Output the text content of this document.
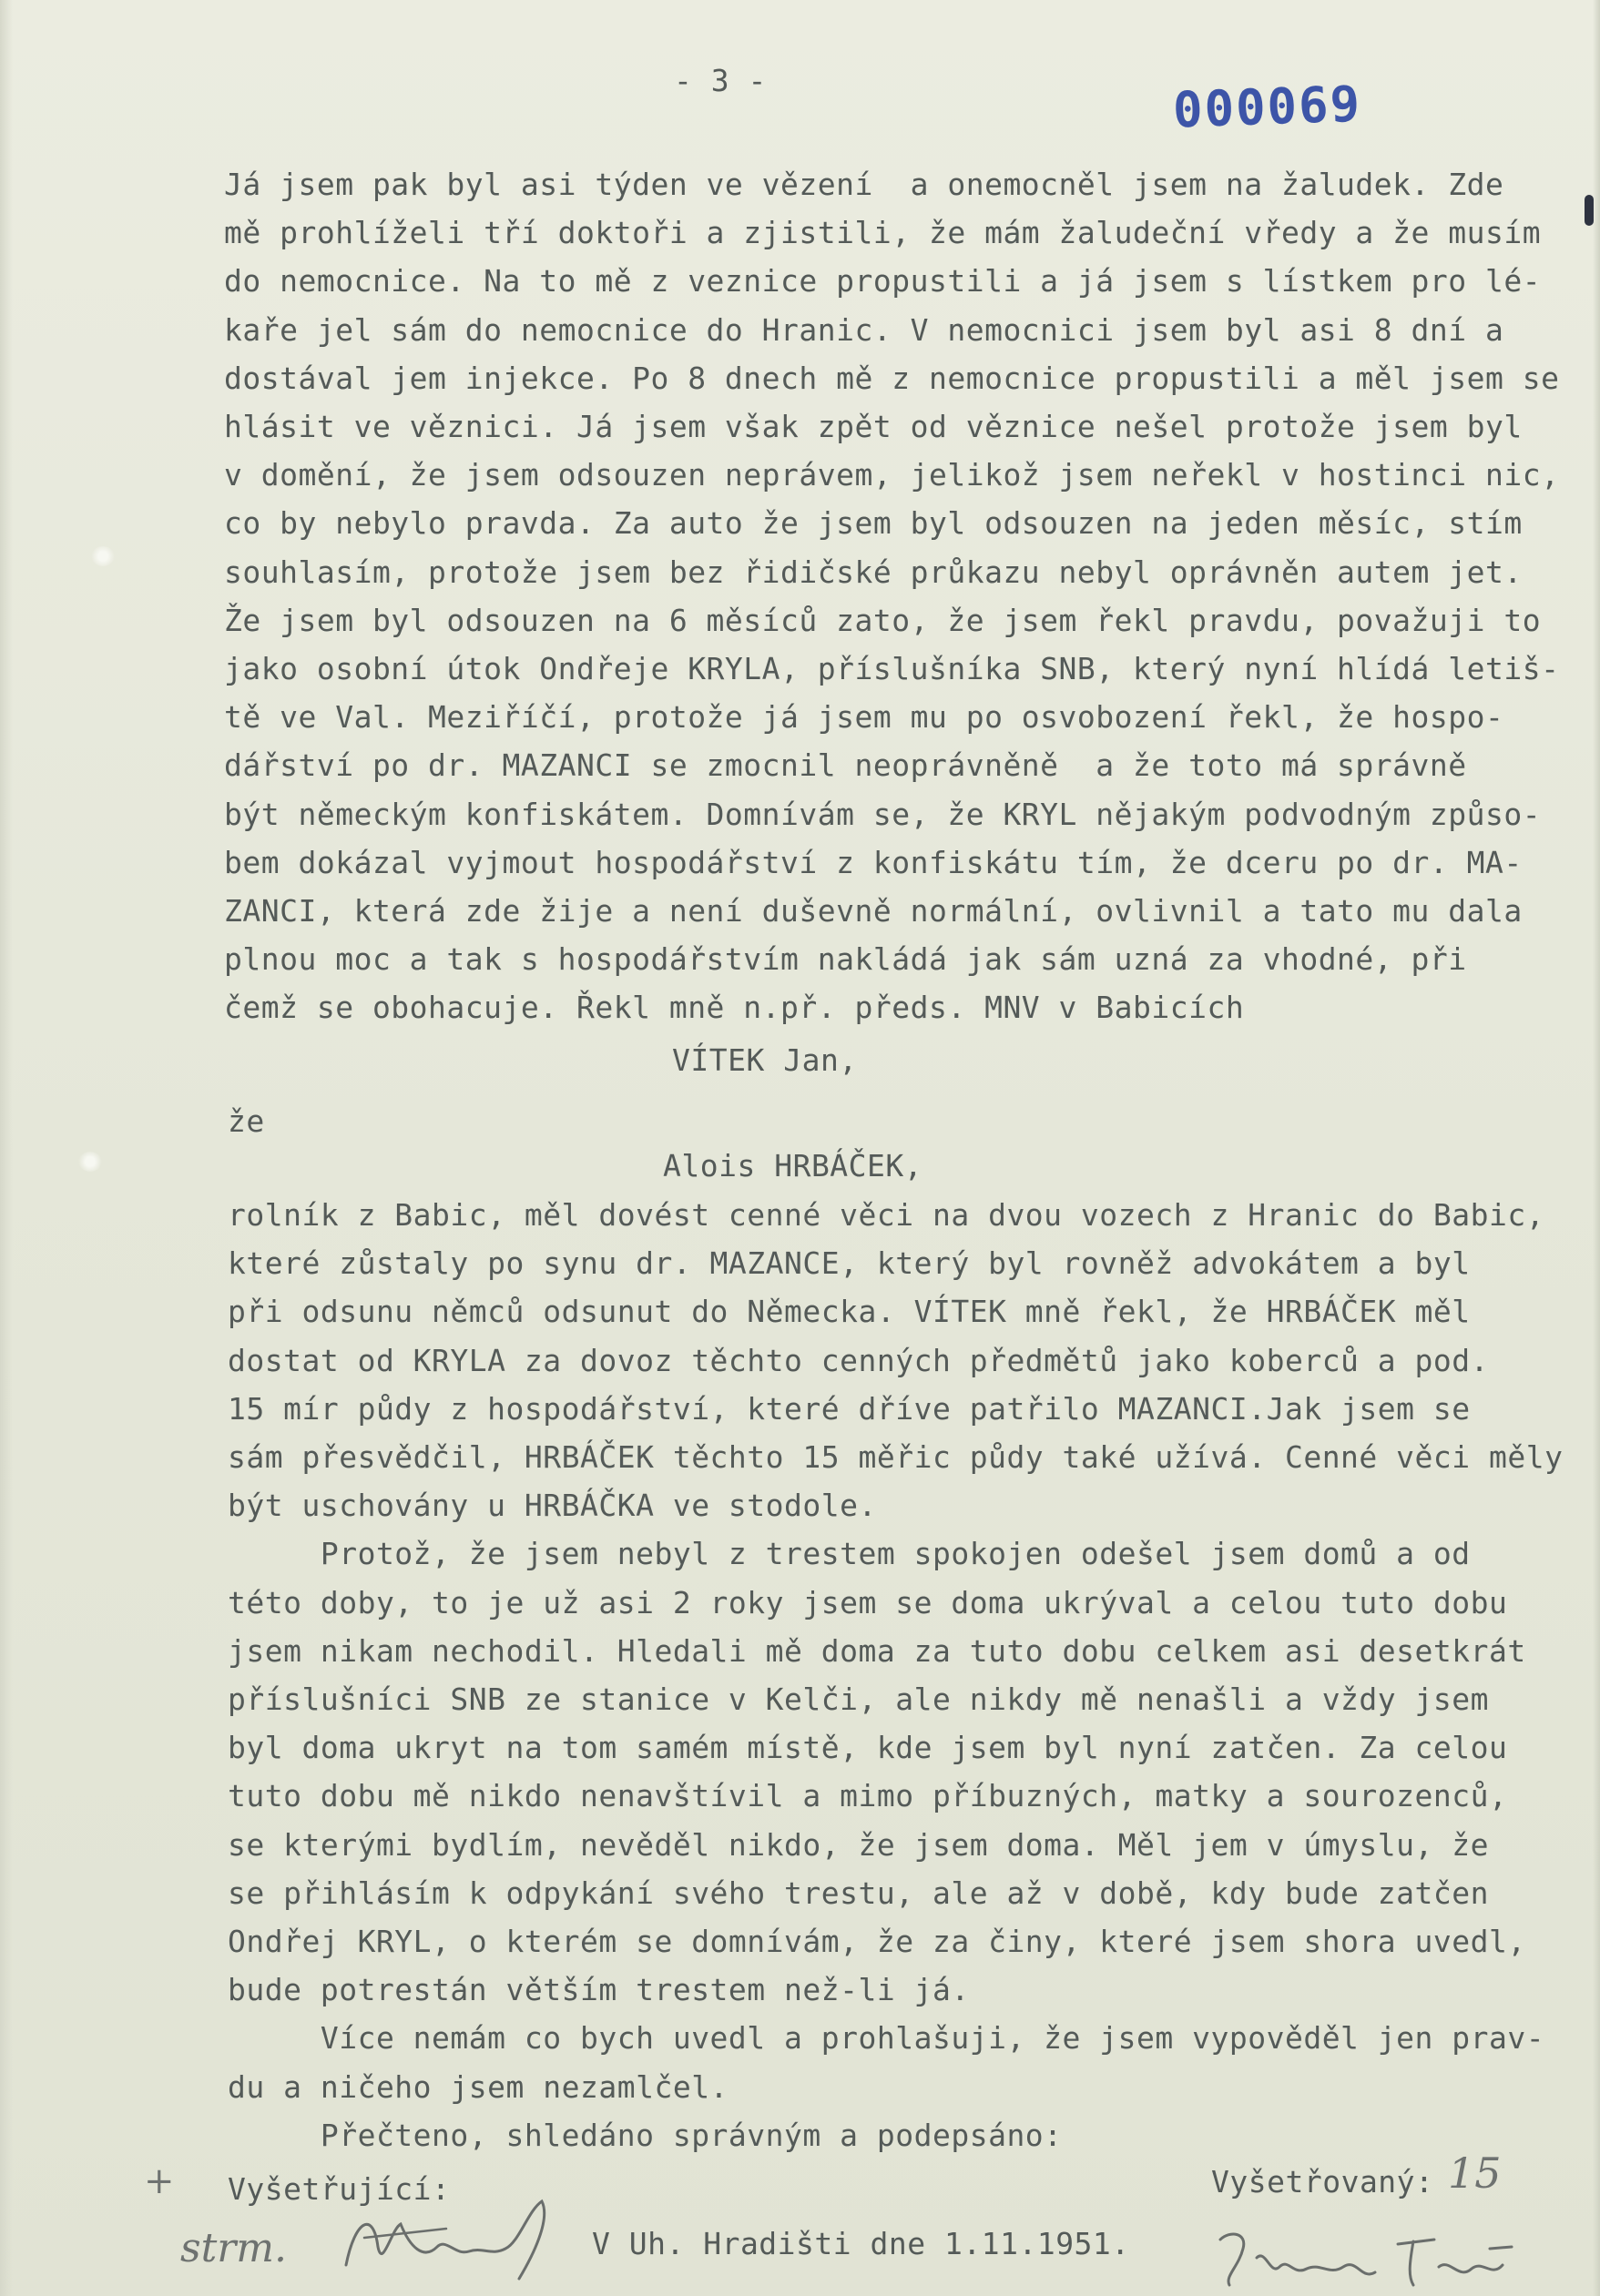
- 3 -	000069
Já jsem pak byl asi týden ve vězení  a onemocněl jsem na žaludek. Zde
mě prohlíželi tří doktoři a zjistili, že mám žaludeční vředy a že musím
do nemocnice. Na to mě z veznice propustili a já jsem s lístkem pro lé-
kaře jel sám do nemocnice do Hranic. V nemocnici jsem byl asi 8 dní a
dostával jem injekce. Po 8 dnech mě z nemocnice propustili a měl jsem se
hlásit ve věznici. Já jsem však zpět od věznice nešel protože jsem byl
v domění, že jsem odsouzen neprávem, jelikož jsem neřekl v hostinci nic,
co by nebylo pravda. Za auto že jsem byl odsouzen na jeden měsíc, stím
souhlasím, protože jsem bez řidičské průkazu nebyl oprávněn autem jet.
Že jsem byl odsouzen na 6 měsíců zato, že jsem řekl pravdu, považuji to
jako osobní útok Ondřeje KRYLA, příslušníka SNB, který nyní hlídá letiš-
tě ve Val. Meziříčí, protože já jsem mu po osvobození řekl, že hospo-
dářství po dr. MAZANCI se zmocnil neoprávněně  a že toto má správně
být německým konfiskátem. Domnívám se, že KRYL nějakým podvodným způso-
bem dokázal vyjmout hospodářství z konfiskátu tím, že dceru po dr. MA-
ZANCI, která zde žije a není duševně normální, ovlivnil a tato mu dala
plnou moc a tak s hospodářstvím nakládá jak sám uzná za vhodné, při
čemž se obohacuje. Řekl mně n.př. předs. MNV v Babicích
VÍTEK Jan,
že
Alois HRBÁČEK,
rolník z Babic, měl dovést cenné věci na dvou vozech z Hranic do Babic,
které zůstaly po synu dr. MAZANCE, který byl rovněž advokátem a byl
při odsunu němců odsunut do Německa. VÍTEK mně řekl, že HRBÁČEK měl
dostat od KRYLA za dovoz těchto cenných předmětů jako koberců a pod.
15 mír půdy z hospodářství, které dříve patřilo MAZANCI.Jak jsem se
sám přesvědčil, HRBÁČEK těchto 15 měřic půdy také užívá. Cenné věci měly
být uschovány u HRBÁČKA ve stodole.
Protož, že jsem nebyl z trestem spokojen odešel jsem domů a od
této doby, to je už asi 2 roky jsem se doma ukrýval a celou tuto dobu
jsem nikam nechodil. Hledali mě doma za tuto dobu celkem asi desetkrát
příslušníci SNB ze stanice v Kelči, ale nikdy mě nenašli a vždy jsem
byl doma ukryt na tom samém místě, kde jsem byl nyní zatčen. Za celou
tuto dobu mě nikdo nenavštívil a mimo příbuzných, matky a sourozenců,
se kterými bydlím, nevěděl nikdo, že jsem doma. Měl jem v úmyslu, že
se přihlásím k odpykání svého trestu, ale až v době, kdy bude zatčen
Ondřej KRYL, o kterém se domnívám, že za činy, které jsem shora uvedl,
bude potrestán větším trestem než-li já.
Více nemám co bych uvedl a prohlašuji, že jsem vypověděl jen prav-
du a ničeho jsem nezamlčel.
Přečteno, shledáno správným a podepsáno:
Vyšetřující:	Vyšetřovaný:
V Uh. Hradišti dne 1.11.1951.
+	15
strm.
